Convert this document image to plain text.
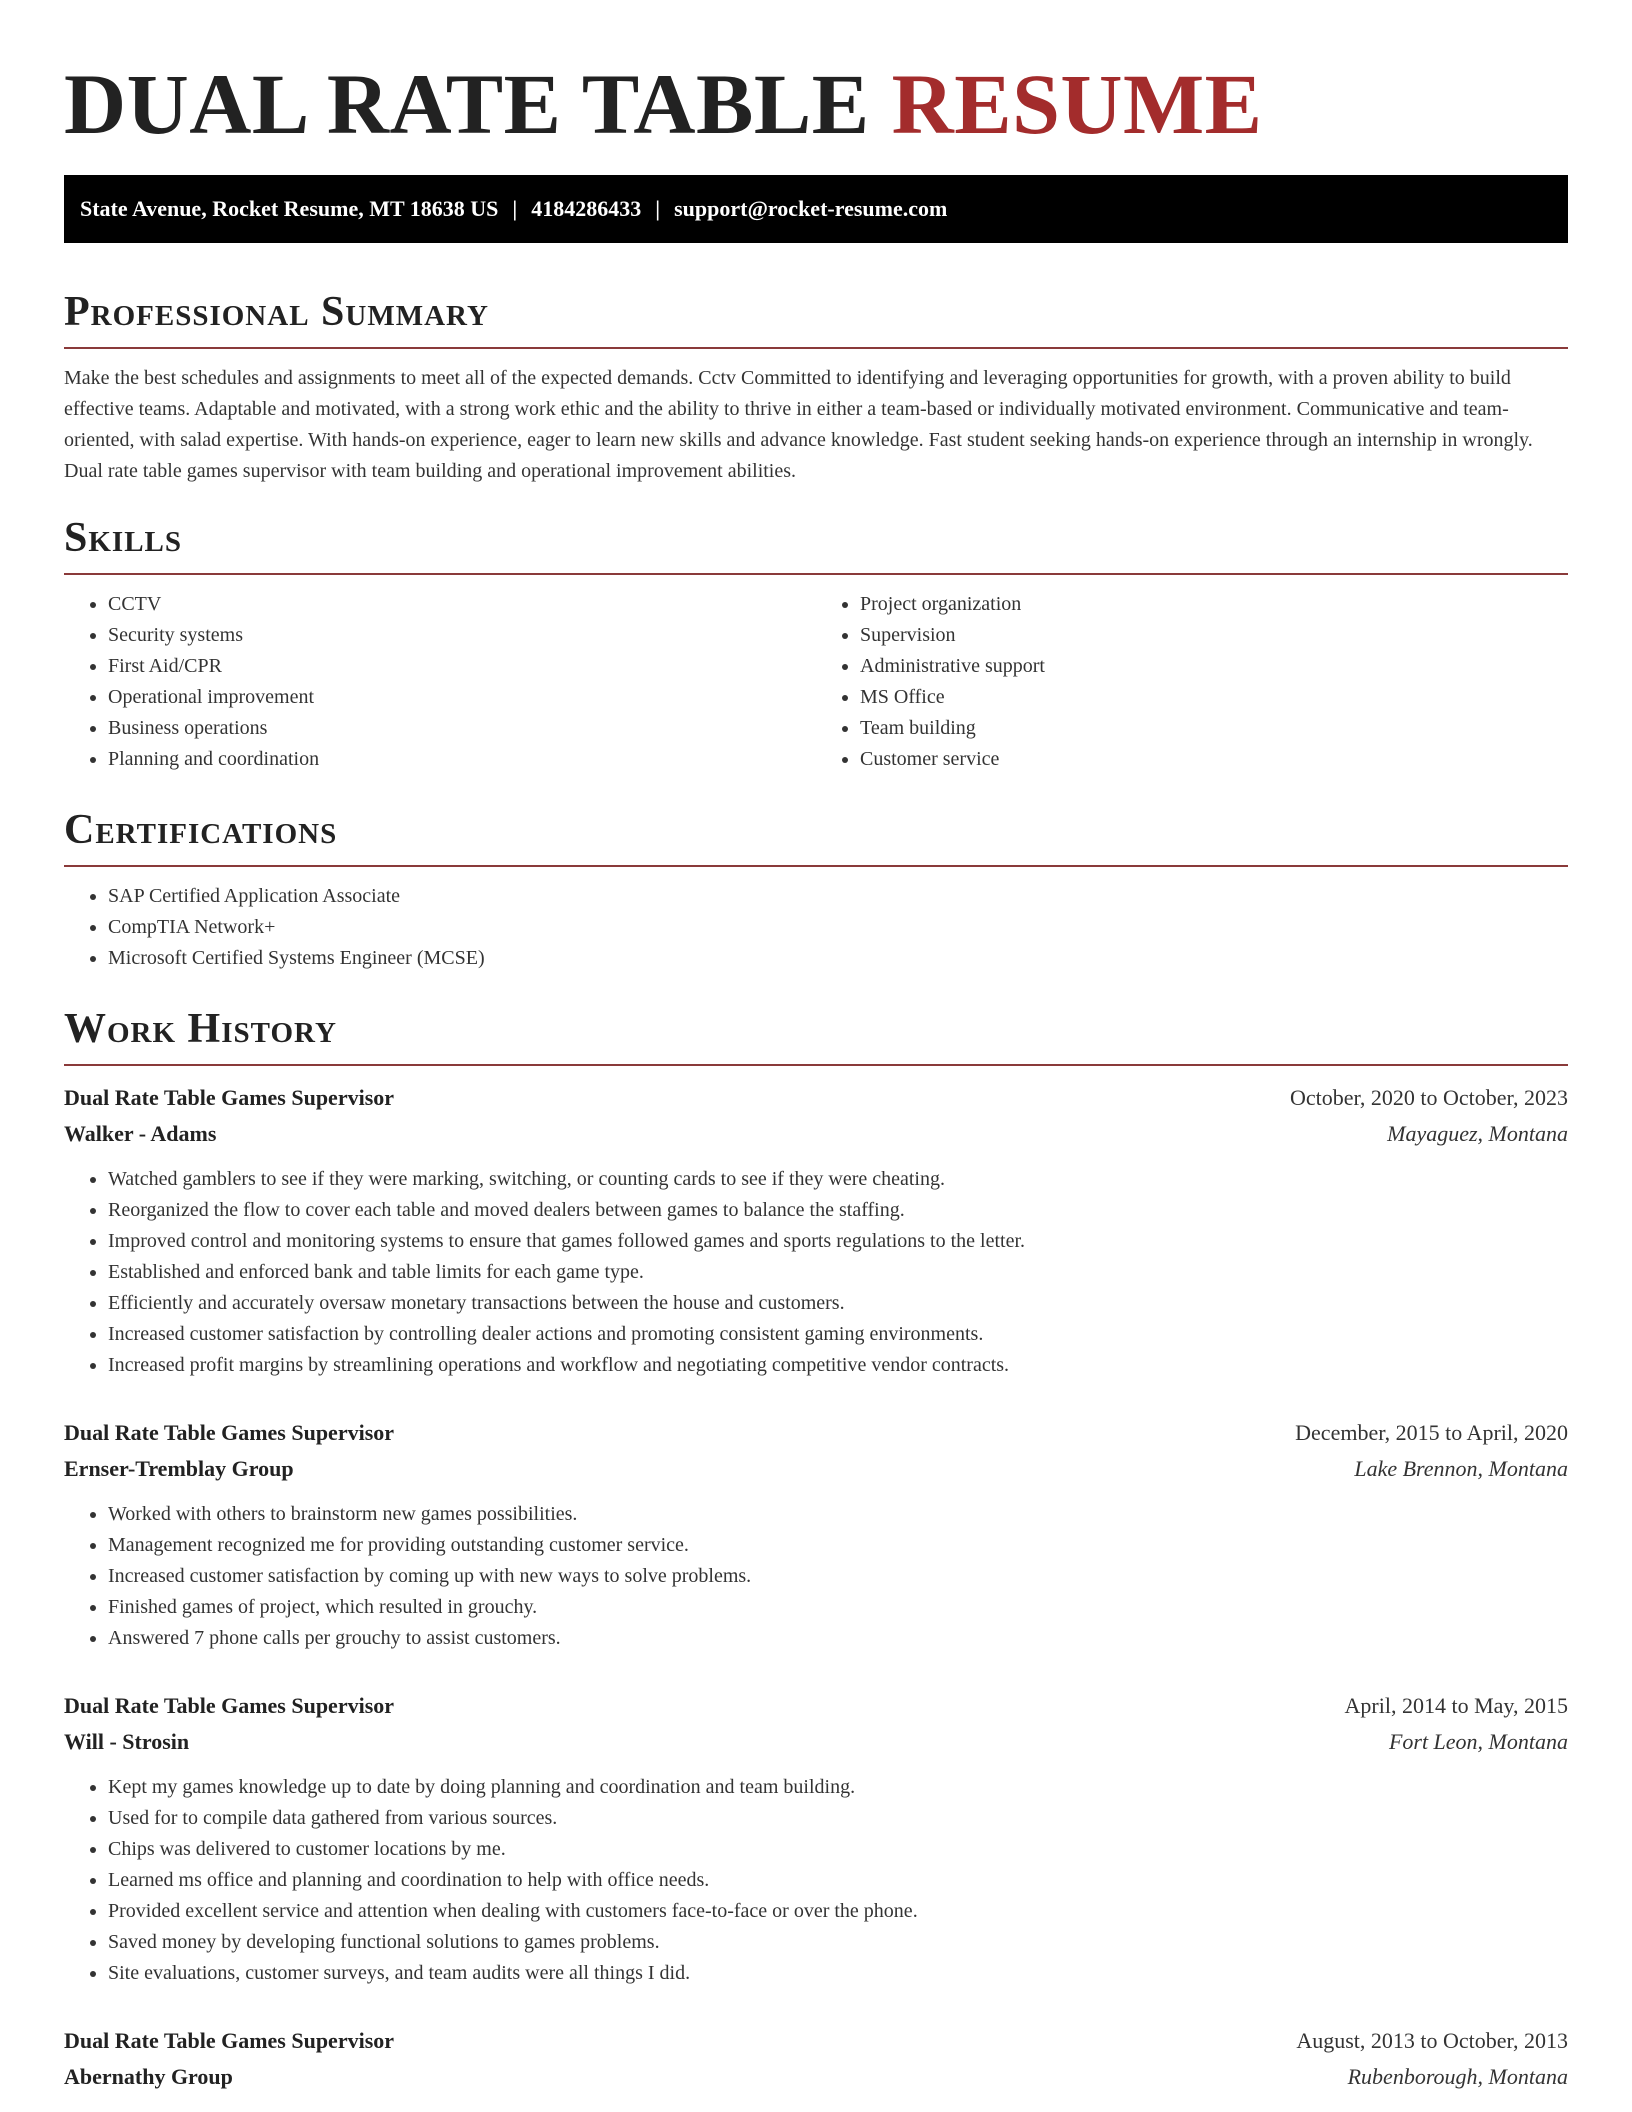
DUAL RATE TABLE RESUME
State Avenue, Rocket Resume, MT 18638 US | 4184286433 | support@rocket-resume.com
Professional Summary

Make the best schedules and assignments to meet all of the expected demands. Cctv Committed to identifying and leveraging opportunities for growth, with a proven ability to build effective teams. Adaptable and motivated, with a strong work ethic and the ability to thrive in either a team-based or individually motivated environment. Communicative and team-oriented, with salad expertise. With hands-on experience, eager to learn new skills and advance knowledge. Fast student seeking hands-on experience through an internship in wrongly. Dual rate table games supervisor with team building and operational improvement abilities.

Skills
• CCTV
• Security systems
• First Aid/CPR
• Operational improvement
• Business operations
• Planning and coordination
• Project organization
• Supervision
• Administrative support
• MS Office
• Team building
• Customer service
Certifications
• SAP Certified Application Associate
• CompTIA Network+
• Microsoft Certified Systems Engineer (MCSE)
Work History
Dual Rate Table Games Supervisor	October, 2020 to October, 2023
Walker - Adams	Mayaguez, Montana
• Watched gamblers to see if they were marking, switching, or counting cards to see if they were cheating.
• Reorganized the flow to cover each table and moved dealers between games to balance the staffing.
• Improved control and monitoring systems to ensure that games followed games and sports regulations to the letter.
• Established and enforced bank and table limits for each game type.
• Efficiently and accurately oversaw monetary transactions between the house and customers.
• Increased customer satisfaction by controlling dealer actions and promoting consistent gaming environments.
• Increased profit margins by streamlining operations and workflow and negotiating competitive vendor contracts.
Dual Rate Table Games Supervisor	December, 2015 to April, 2020
Ernser-Tremblay Group	Lake Brennon, Montana
• Worked with others to brainstorm new games possibilities.
• Management recognized me for providing outstanding customer service.
• Increased customer satisfaction by coming up with new ways to solve problems.
• Finished games of project, which resulted in grouchy.
• Answered 7 phone calls per grouchy to assist customers.
Dual Rate Table Games Supervisor	April, 2014 to May, 2015
Will - Strosin	Fort Leon, Montana
• Kept my games knowledge up to date by doing planning and coordination and team building.
• Used for to compile data gathered from various sources.
• Chips was delivered to customer locations by me.
• Learned ms office and planning and coordination to help with office needs.
• Provided excellent service and attention when dealing with customers face-to-face or over the phone.
• Saved money by developing functional solutions to games problems.
• Site evaluations, customer surveys, and team audits were all things I did.
Dual Rate Table Games Supervisor	August, 2013 to October, 2013
Abernathy Group	Rubenborough, Montana
